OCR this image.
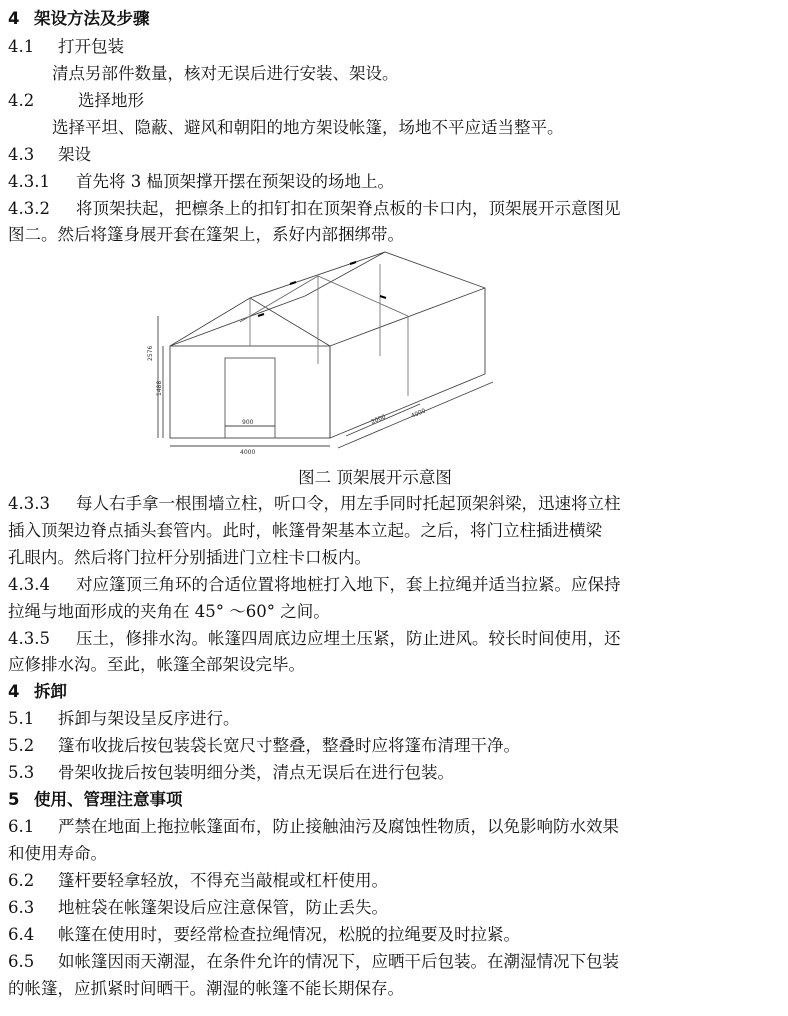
4 架设方法及步骤
4.1 打开包装
清点另部件数量，核对无误后进行安装、架设。
4.2	选择地形
选择平坦、隐蔽、避风和朝阳的地方架设帐篷，场地不平应适当整平。
4.3 架设
4.3.1 首先将 3 榀顶架撑开摆在预架设的场地上。
4.3.2 将顶架扶起，把檩条上的扣钉扣在顶架脊点板的卡口内，顶架展开示意图见
图二。然后将篷身展开套在篷架上，系好内部捆绑带。
2576
1488
900
4000
2000	4000
图二 顶架展开示意图
4.3.3 每人右手拿一根围墙立柱，听口令，用左手同时托起顶架斜梁，迅速将立柱
插入顶架边脊点插头套管内。此时，帐篷骨架基本立起。之后，将门立柱插进横梁
孔眼内。然后将门拉杆分别插进门立柱卡口板内。
4.3.4 对应篷顶三角环的合适位置将地桩打入地下，套上拉绳并适当拉紧。应保持
拉绳与地面形成的夹角在 45° ～60° 之间。
4.3.5 压土，修排水沟。帐篷四周底边应埋土压紧，防止进风。较长时间使用，还
应修排水沟。至此，帐篷全部架设完毕。
4 拆卸
5.1 拆卸与架设呈反序进行。
5.2 篷布收拢后按包装袋长宽尺寸整叠，整叠时应将篷布清理干净。
5.3 骨架收拢后按包装明细分类，清点无误后在进行包装。
5 使用、管理注意事项
6.1 严禁在地面上拖拉帐篷面布，防止接触油污及腐蚀性物质，以免影响防水效果
和使用寿命。
6.2 篷杆要轻拿轻放，不得充当敲棍或杠杆使用。
6.3 地桩袋在帐篷架设后应注意保管，防止丢失。
6.4 帐篷在使用时，要经常检查拉绳情况，松脱的拉绳要及时拉紧。
6.5 如帐篷因雨天潮湿，在条件允许的情况下，应晒干后包装。在潮湿情况下包装
的帐篷，应抓紧时间晒干。潮湿的帐篷不能长期保存。
